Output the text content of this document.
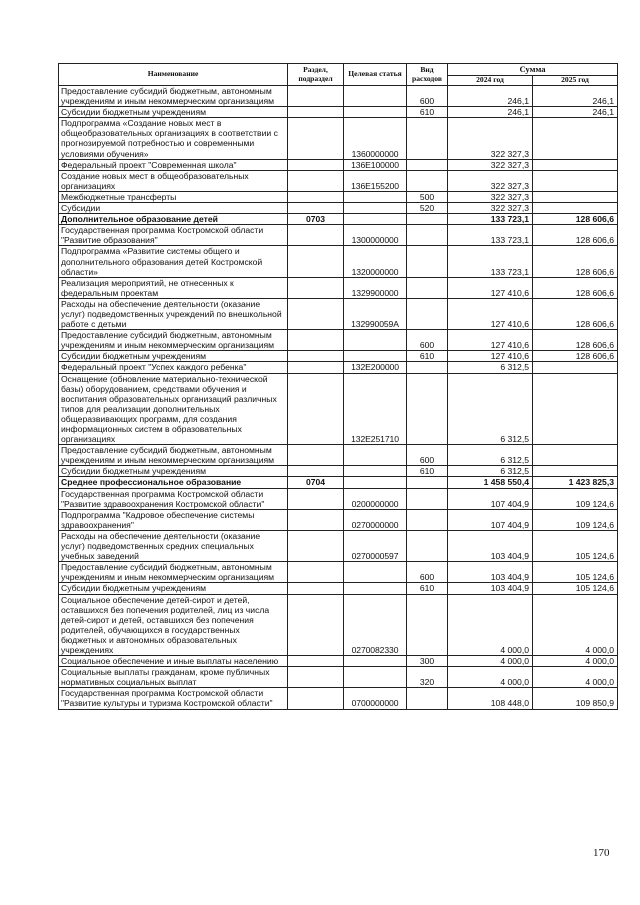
Наименование	Раздел, подраздел	Целевая статья	Вид расходов	Сумма	
				2024 год	2025 год
Предоставление субсидий бюджетным, автономным учреждениям и иным некоммерческим организациям			600	246,1	246,1
Субсидии бюджетным учреждениям			610	246,1	246,1
Подпрограмма «Создание новых мест в общеобразовательных организациях в соответствии с прогнозируемой потребностью и современными условиями обучения»		1360000000		322 327,3	
Федеральный проект "Современная школа"		136E100000		322 327,3	
Создание новых мест в общеобразовательных организациях		136E155200		322 327,3	
Межбюджетные трансферты			500	322 327,3	
Субсидии			520	322 327,3	
Дополнительное образование детей	0703			133 723,1	128 606,6
Государственная программа Костромской области "Развитие образования"		1300000000		133 723,1	128 606,6
Подпрограмма «Развитие системы общего и дополнительного образования детей Костромской области»		1320000000		133 723,1	128 606,6
Реализация мероприятий, не отнесенных к федеральным проектам		1329900000		127 410,6	128 606,6
Расходы на обеспечение деятельности (оказание услуг) подведомственных учреждений по внешкольной работе с детьми		132990059А		127 410,6	128 606,6
Предоставление субсидий бюджетным, автономным учреждениям и иным некоммерческим организациям			600	127 410,6	128 606,6
Субсидии бюджетным учреждениям			610	127 410,6	128 606,6
Федеральный проект "Успех каждого ребенка"		132E200000		6 312,5	
Оснащение (обновление материально-технической базы) оборудованием, средствами обучения и воспитания образовательных организаций различных типов для реализации дополнительных общеразвивающих программ, для создания информационных систем в образовательных организациях		132E251710		6 312,5	
Предоставление субсидий бюджетным, автономным учреждениям и иным некоммерческим организациям			600	6 312,5	
Субсидии бюджетным учреждениям			610	6 312,5	
Среднее профессиональное образование	0704			1 458 550,4	1 423 825,3
Государственная программа Костромской области "Развитие здравоохранения Костромской области"		0200000000		107 404,9	109 124,6
Подпрограмма "Кадровое обеспечение системы здравоохранения"		0270000000		107 404,9	109 124,6
Расходы на обеспечение деятельности (оказание услуг) подведомственных средних специальных учебных заведений		0270000597		103 404,9	105 124,6
Предоставление субсидий бюджетным, автономным учреждениям и иным некоммерческим организациям			600	103 404,9	105 124,6
Субсидии бюджетным учреждениям			610	103 404,9	105 124,6
Социальное обеспечение детей-сирот и детей, оставшихся без попечения родителей, лиц из числа детей-сирот и детей, оставшихся без попечения родителей, обучающихся в государственных бюджетных и автономных образовательных учреждениях		0270082330		4 000,0	4 000,0
Социальное обеспечение и иные выплаты населению			300	4 000,0	4 000,0
Социальные выплаты гражданам, кроме публичных нормативных социальных выплат			320	4 000,0	4 000,0
Государственная программа Костромской области "Развитие культуры и туризма Костромской области"		0700000000		108 448,0	109 850,9
170
